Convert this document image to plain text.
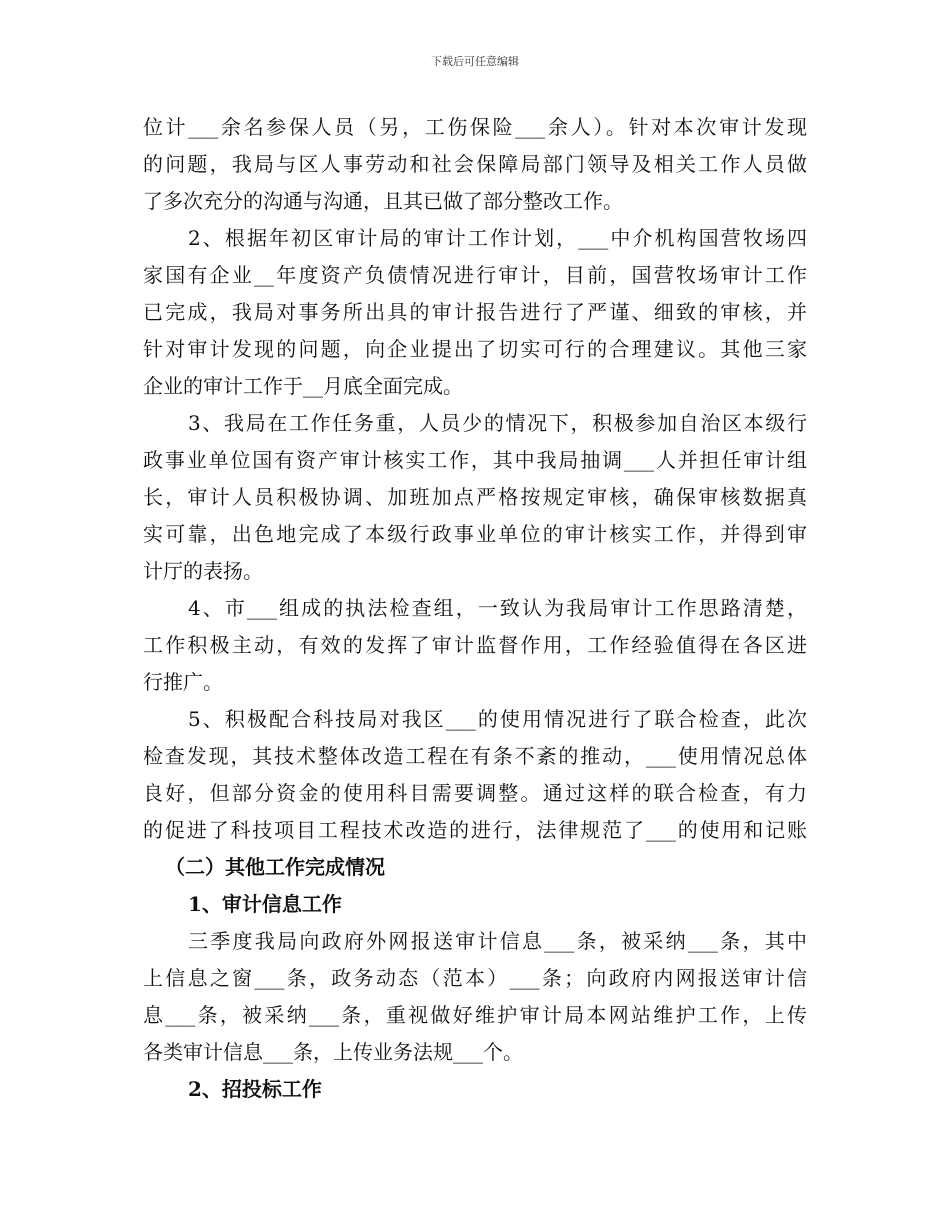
下载后可任意编辑
位计___余名参保人员（另，工伤保险___余人）。针对本次审计发现
的问题，我局与区人事劳动和社会保障局部门领导及相关工作人员做
了多次充分的沟通与沟通，且其已做了部分整改工作。
2、根据年初区审计局的审计工作计划，___中介机构国营牧场四
家国有企业__年度资产负债情况进行审计，目前，国营牧场审计工作
已完成，我局对事务所出具的审计报告进行了严谨、细致的审核，并
针对审计发现的问题，向企业提出了切实可行的合理建议。其他三家
企业的审计工作于__月底全面完成。
3、我局在工作任务重，人员少的情况下，积极参加自治区本级行
政事业单位国有资产审计核实工作，其中我局抽调___人并担任审计组
长，审计人员积极协调、加班加点严格按规定审核，确保审核数据真
实可靠，出色地完成了本级行政事业单位的审计核实工作，并得到审
计厅的表扬。
4、市___组成的执法检查组，一致认为我局审计工作思路清楚，
工作积极主动，有效的发挥了审计监督作用，工作经验值得在各区进
行推广。
5、积极配合科技局对我区___的使用情况进行了联合检查，此次
检查发现，其技术整体改造工程在有条不紊的推动，___使用情况总体
良好，但部分资金的使用科目需要调整。通过这样的联合检查，有力
的促进了科技项目工程技术改造的进行，法律规范了___的使用和记账
（二）其他工作完成情况
1、审计信息工作
三季度我局向政府外网报送审计信息___条，被采纳___条，其中
上信息之窗___条，政务动态（范本）___条；向政府内网报送审计信
息___条，被采纳___条，重视做好维护审计局本网站维护工作，上传
各类审计信息___条，上传业务法规___个。
2、招投标工作
